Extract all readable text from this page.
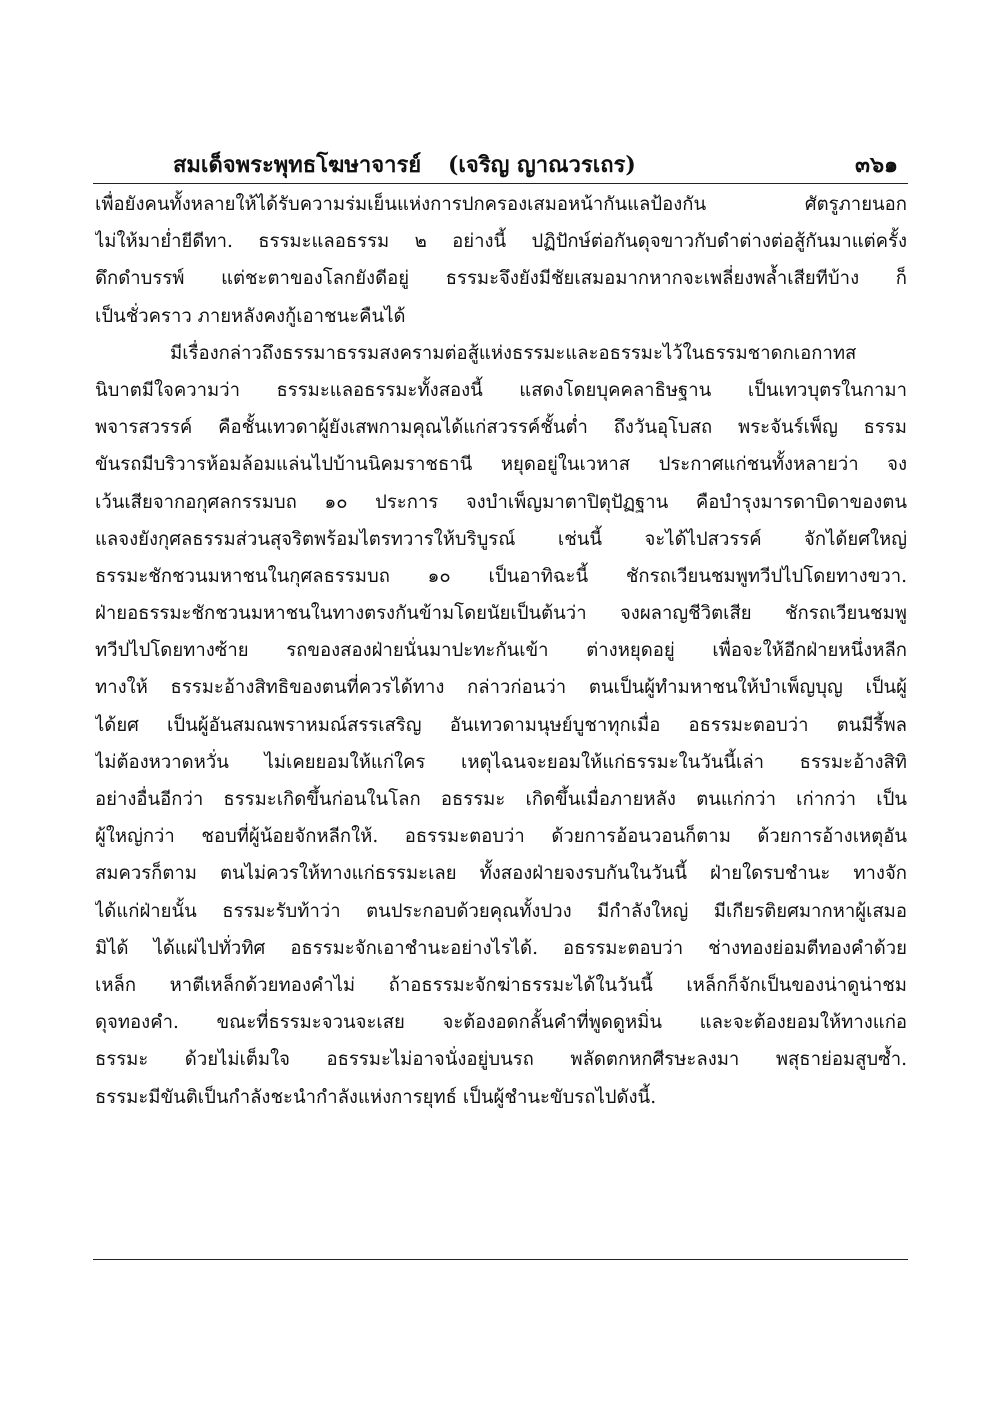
สมเด็จพระพุทธโฆษาจารย์ (เจริญ ญาณวรเถร)	๓๖๑
เพื่อยังคนทั้งหลายให้ได้รับความร่มเย็นแห่งการปกครองเสมอหน้ากันแลป้องกัน ศัตรูภายนอก
ไม่ให้มาย่ำยีดีทา. ธรรมะแลอธรรม ๒ อย่างนี้ ปฏิปักษ์ต่อกันดุจขาวกับดำต่างต่อสู้กันมาแต่ครั้ง
ดึกดำบรรพ์ แต่ชะตาของโลกยังดีอยู่ ธรรมะจึงยังมีชัยเสมอมากหากจะเพลี่ยงพล้ำเสียทีบ้าง ก็
เป็นชั่วคราว ภายหลังคงกู้เอาชนะคืนได้
มีเรื่องกล่าวถึงธรรมาธรรมสงครามต่อสู้แห่งธรรมะและอธรรมะไว้ในธรรมชาดกเอกาทส
นิบาตมีใจความว่า ธรรมะแลอธรรมะทั้งสองนี้ แสดงโดยบุคคลาธิษฐาน เป็นเทวบุตรในกามา
พจารสวรรค์ คือชั้นเทวดาผู้ยังเสพกามคุณได้แก่สวรรค์ชั้นต่ำ ถึงวันอุโบสถ พระจันร์เพ็ญ ธรรม
ขันรถมีบริวารห้อมล้อมแล่นไปบ้านนิคมราชธานี หยุดอยู่ในเวหาส ประกาศแก่ชนทั้งหลายว่า จง
เว้นเสียจากอกุศลกรรมบถ ๑๐ ประการ จงบำเพ็ญมาตาปิตุปัฏฐาน คือบำรุงมารดาบิดาของตน
แลจงยังกุศลธรรมส่วนสุจริตพร้อมไตรทวารให้บริบูรณ์ เช่นนี้ จะได้ไปสวรรค์ จักได้ยศใหญ่
ธรรมะชักชวนมหาชนในกุศลธรรมบถ ๑๐ เป็นอาทิฉะนี้ ชักรถเวียนชมพูทวีปไปโดยทางขวา.
ฝ่ายอธรรมะชักชวนมหาชนในทางตรงกันข้ามโดยนัยเป็นต้นว่า จงผลาญชีวิตเสีย ชักรถเวียนชมพู
ทวีปไปโดยทางซ้าย รถของสองฝ่ายนั่นมาปะทะกันเข้า ต่างหยุดอยู่ เพื่อจะให้อีกฝ่ายหนึ่งหลีก
ทางให้ ธรรมะอ้างสิทธิของตนที่ควรได้ทาง กล่าวก่อนว่า ตนเป็นผู้ทำมหาชนให้บำเพ็ญบุญ เป็นผู้
ได้ยศ เป็นผู้อันสมณพราหมณ์สรรเสริญ อันเทวดามนุษย์บูชาทุกเมื่อ อธรรมะตอบว่า ตนมีรี้พล
ไม่ต้องหวาดหวั่น ไม่เคยยอมให้แก่ใคร เหตุไฉนจะยอมให้แก่ธรรมะในวันนี้เล่า ธรรมะอ้างสิทิ
อย่างอื่นอีกว่า ธรรมะเกิดขึ้นก่อนในโลก อธรรมะ เกิดขึ้นเมื่อภายหลัง ตนแก่กว่า เก่ากว่า เป็น
ผู้ใหญ่กว่า ชอบที่ผู้น้อยจักหลีกให้. อธรรมะตอบว่า ด้วยการอ้อนวอนก็ตาม ด้วยการอ้างเหตุอัน
สมควรก็ตาม ตนไม่ควรให้ทางแก่ธรรมะเลย ทั้งสองฝ่ายจงรบกันในวันนี้ ฝ่ายใดรบชำนะ ทางจัก
ได้แก่ฝ่ายนั้น ธรรมะรับท้าว่า ตนประกอบด้วยคุณทั้งปวง มีกำลังใหญ่ มีเกียรติยศมากหาผู้เสมอ
มิได้ ได้แผ่ไปทั่วทิศ อธรรมะจักเอาชำนะอย่างไรได้. อธรรมะตอบว่า ช่างทองย่อมตีทองคำด้วย
เหล็ก หาตีเหล็กด้วยทองคำไม่ ถ้าอธรรมะจักฆ่าธรรมะได้ในวันนี้ เหล็กก็จักเป็นของน่าดูน่าชม
ดุจทองคำ. ขณะที่ธรรมะจวนจะเสย จะต้องอดกลั้นคำที่พูดดูหมิ่น และจะต้องยอมให้ทางแก่อ
ธรรมะ ด้วยไม่เต็มใจ อธรรมะไม่อาจนั่งอยู่บนรถ พลัดตกหกศีรษะลงมา พสุธาย่อมสูบซ้ำ.
ธรรมะมีขันติเป็นกำลังชะนำกำลังแห่งการยุทธ์ เป็นผู้ชำนะขับรถไปดังนี้.
